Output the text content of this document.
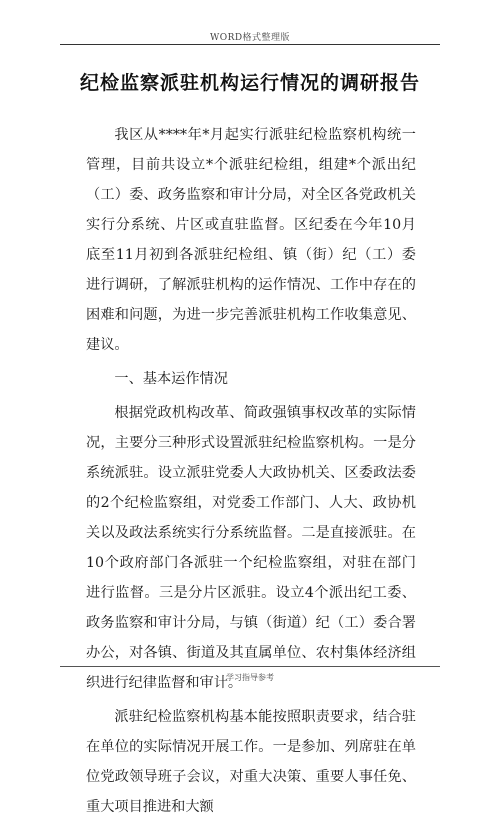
WORD格式整理版
纪检监察派驻机构运行情况的调研报告

我区从****年*月起实行派驻纪检监察机构统一管理，目前共设立*个派驻纪检组，组建*个派出纪（工）委、政务监察和审计分局，对全区各党政机关实行分系统、片区或直驻监督。区纪委在今年10月底至11月初到各派驻纪检组、镇（街）纪（工）委进行调研，了解派驻机构的运作情况、工作中存在的困难和问题，为进一步完善派驻机构工作收集意见、建议。

一、基本运作情况

根据党政机构改革、简政强镇事权改革的实际情况，主要分三种形式设置派驻纪检监察机构。一是分系统派驻。设立派驻党委人大政协机关、区委政法委的2个纪检监察组，对党委工作部门、人大、政协机关以及政法系统实行分系统监督。二是直接派驻。在10个政府部门各派驻一个纪检监察组，对驻在部门进行监督。三是分片区派驻。设立4个派出纪工委、政务监察和审计分局，与镇（街道）纪（工）委合署办公，对各镇、街道及其直属单位、农村集体经济组织进行纪律监督和审计。

派驻纪检监察机构基本能按照职责要求，结合驻在单位的实际情况开展工作。一是参加、列席驻在单位党政领导班子会议，对重大决策、重要人事任免、重大项目推进和大额

学习指导参考
